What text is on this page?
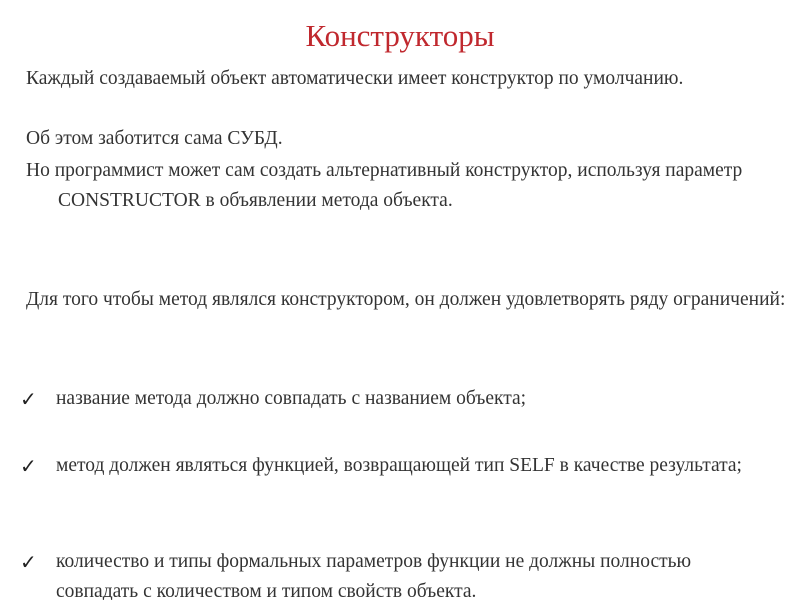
Конструкторы

Каждый создаваемый объект автоматически имеет конструктор по умолчанию.

Об этом заботится сама СУБД.

Но программист может сам создать альтернативный конструктор, используя параметр CONSTRUCTOR в объявлении метода объекта.

Для того чтобы метод являлся конструктором, он должен удовлетворять ряду ограничений:

✓ название метода должно совпадать с названием объекта;
✓ метод должен являться функцией, возвращающей тип SELF в качестве результата;
✓ количество и типы формальных параметров функции не должны полностью совпадать с количеством и типом свойств объекта.
